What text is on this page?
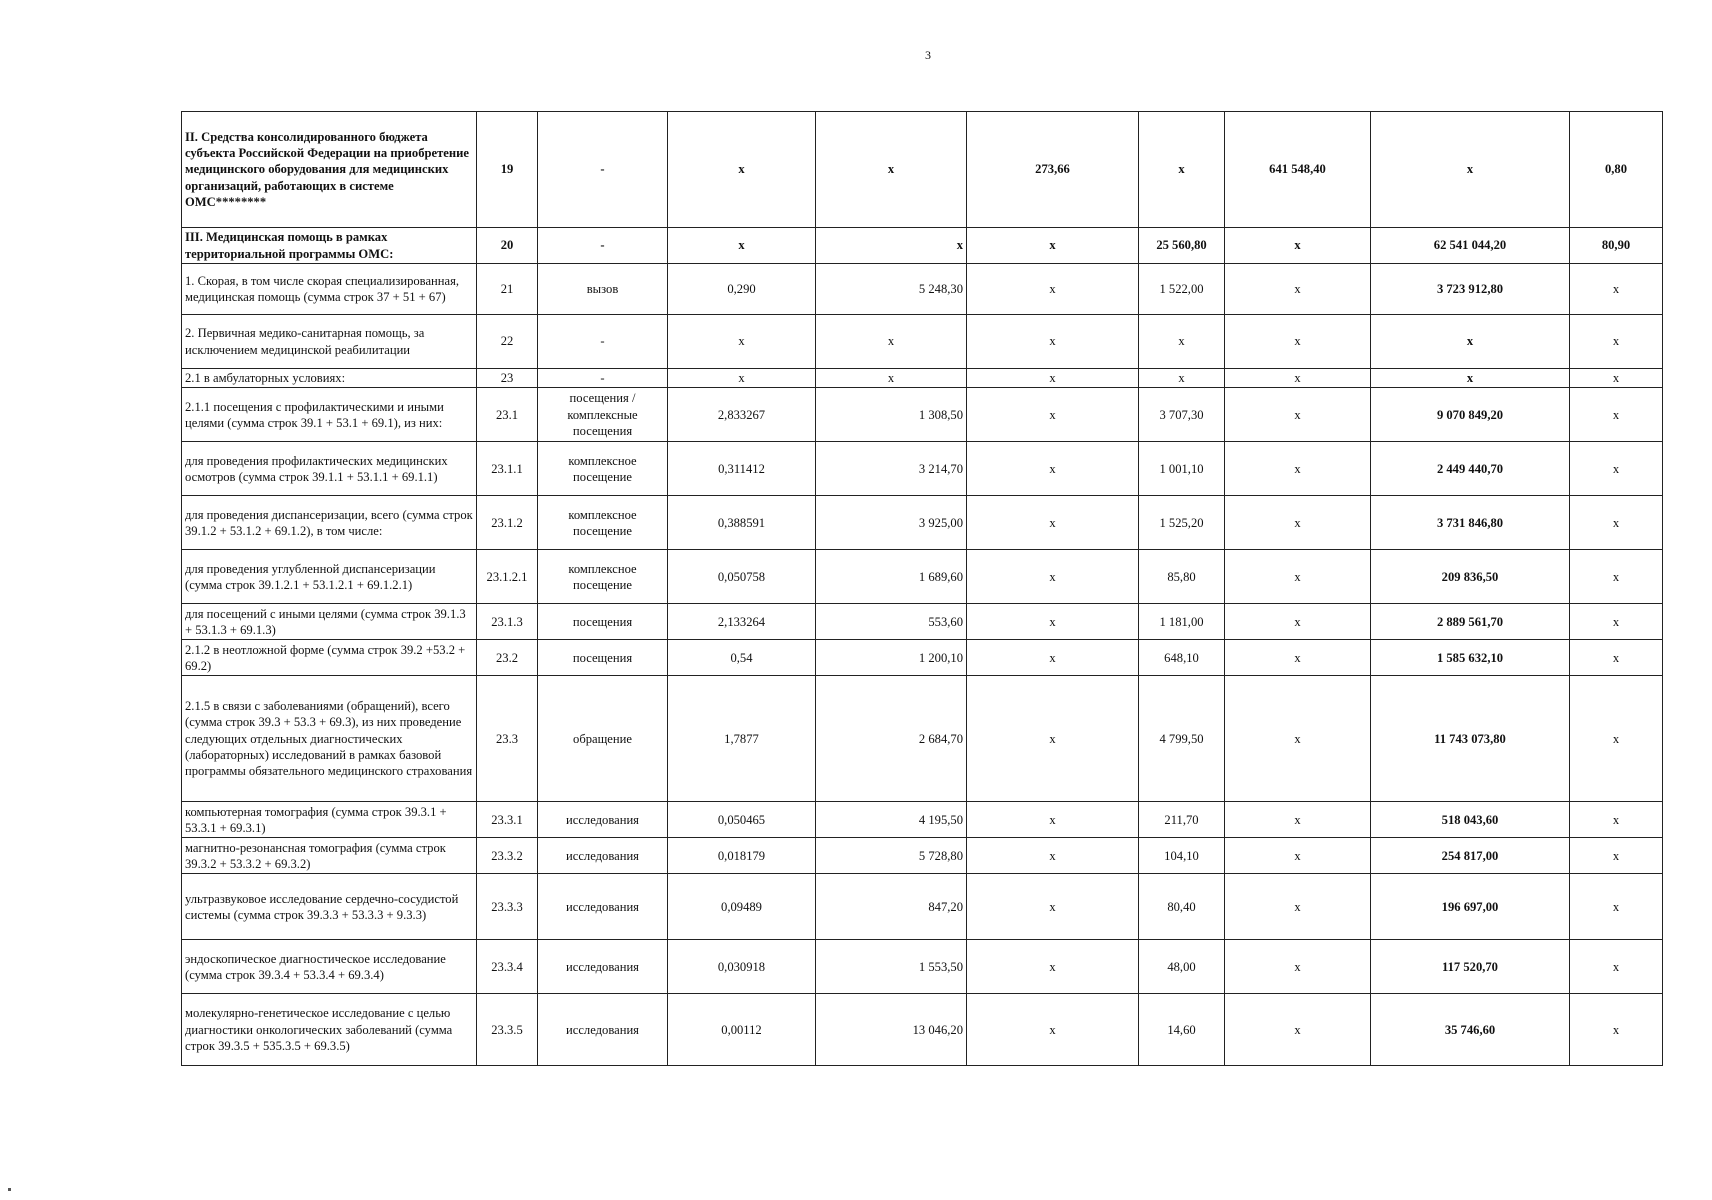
3
II. Средства консолидированного бюджета субъекта Российской Федерации на приобретение медицинского оборудования для медицинских организаций, работающих в системе ОМС********	19	-	x	x	273,66	x	641 548,40	x	0,80
III. Медицинская помощь в рамках территориальной программы ОМС:	20	-	x	x	x	25 560,80	x	62 541 044,20	80,90
1. Скорая, в том числе скорая специализированная, медицинская помощь (сумма строк 37 + 51 + 67)	21	вызов	0,290	5 248,30	x	1 522,00	x	3 723 912,80	x
2. Первичная медико-санитарная помощь, за исключением медицинской реабилитации	22	-	x	x	x	x	x	x	x
2.1 в амбулаторных условиях:	23	-	x	x	x	x	x	x	x
2.1.1 посещения с профилактическими и иными целями (сумма строк 39.1 + 53.1 + 69.1), из них:	23.1	посещения / комплексные посещения	2,833267	1 308,50	x	3 707,30	x	9 070 849,20	x
для проведения профилактических медицинских осмотров (сумма строк 39.1.1 + 53.1.1 + 69.1.1)	23.1.1	комплексное посещение	0,311412	3 214,70	x	1 001,10	x	2 449 440,70	x
для проведения диспансеризации, всего (сумма строк 39.1.2 + 53.1.2 + 69.1.2), в том числе:	23.1.2	комплексное посещение	0,388591	3 925,00	x	1 525,20	x	3 731 846,80	x
для проведения углубленной диспансеризации (сумма строк 39.1.2.1 + 53.1.2.1 + 69.1.2.1)	23.1.2.1	комплексное посещение	0,050758	1 689,60	x	85,80	x	209 836,50	x
для посещений с иными целями (сумма строк 39.1.3 + 53.1.3 + 69.1.3)	23.1.3	посещения	2,133264	553,60	x	1 181,00	x	2 889 561,70	x
2.1.2 в неотложной форме (сумма строк 39.2 +53.2 + 69.2)	23.2	посещения	0,54	1 200,10	x	648,10	x	1 585 632,10	x
2.1.5 в связи с заболеваниями (обращений), всего (сумма строк 39.3 + 53.3 + 69.3), из них проведение следующих отдельных диагностических (лабораторных) исследований в рамках базовой программы обязательного медицинского страхования	23.3	обращение	1,7877	2 684,70	x	4 799,50	x	11 743 073,80	x
компьютерная томография (сумма строк 39.3.1 + 53.3.1 + 69.3.1)	23.3.1	исследования	0,050465	4 195,50	x	211,70	x	518 043,60	x
магнитно-резонансная томография (сумма строк 39.3.2 + 53.3.2 + 69.3.2)	23.3.2	исследования	0,018179	5 728,80	x	104,10	x	254 817,00	x
ультразвуковое исследование сердечно-сосудистой системы (сумма строк 39.3.3 + 53.3.3 + 9.3.3)	23.3.3	исследования	0,09489	847,20	x	80,40	x	196 697,00	x
эндоскопическое диагностическое исследование (сумма строк 39.3.4 + 53.3.4 + 69.3.4)	23.3.4	исследования	0,030918	1 553,50	x	48,00	x	117 520,70	x
молекулярно-генетическое исследование с целью диагностики онкологических заболеваний (сумма строк 39.3.5 + 535.3.5 + 69.3.5)	23.3.5	исследования	0,00112	13 046,20	x	14,60	x	35 746,60	x
